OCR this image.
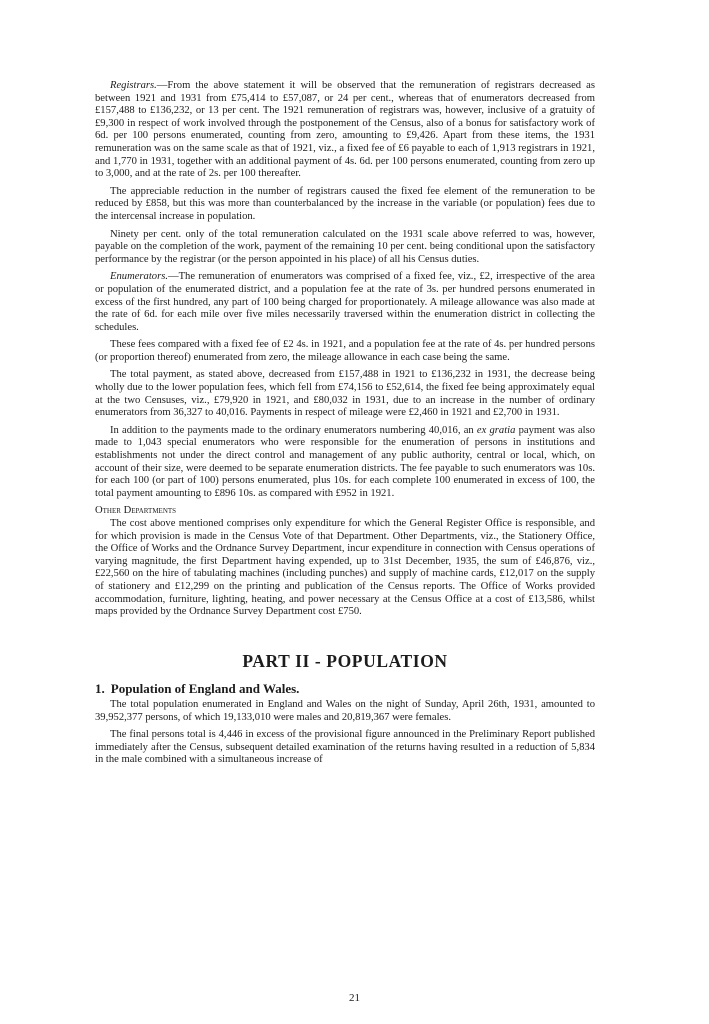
Registrars.—From the above statement it will be observed that the remuneration of registrars decreased as between 1921 and 1931 from £75,414 to £57,087, or 24 per cent., whereas that of enumerators decreased from £157,488 to £136,232, or 13 per cent. The 1921 remuneration of registrars was, however, inclusive of a gratuity of £9,300 in respect of work involved through the postponement of the Census, also of a bonus for satisfactory work of 6d. per 100 persons enumerated, counting from zero, amounting to £9,426. Apart from these items, the 1931 remuneration was on the same scale as that of 1921, viz., a fixed fee of £6 payable to each of 1,913 registrars in 1921, and 1,770 in 1931, together with an additional payment of 4s. 6d. per 100 persons enumerated, counting from zero up to 3,000, and at the rate of 2s. per 100 thereafter.

The appreciable reduction in the number of registrars caused the fixed fee element of the remuneration to be reduced by £858, but this was more than counterbalanced by the increase in the variable (or population) fees due to the intercensal increase in population.

Ninety per cent. only of the total remuneration calculated on the 1931 scale above referred to was, however, payable on the completion of the work, payment of the remaining 10 per cent. being conditional upon the satisfactory performance by the registrar (or the person appointed in his place) of all his Census duties.

Enumerators.—The remuneration of enumerators was comprised of a fixed fee, viz., £2, irrespective of the area or population of the enumerated district, and a population fee at the rate of 3s. per hundred persons enumerated in excess of the first hundred, any part of 100 being charged for proportionately. A mileage allowance was also made at the rate of 6d. for each mile over five miles necessarily traversed within the enumeration district in collecting the schedules.

These fees compared with a fixed fee of £2 4s. in 1921, and a population fee at the rate of 4s. per hundred persons (or proportion thereof) enumerated from zero, the mileage allowance in each case being the same.

The total payment, as stated above, decreased from £157,488 in 1921 to £136,232 in 1931, the decrease being wholly due to the lower population fees, which fell from £74,156 to £52,614, the fixed fee being approximately equal at the two Censuses, viz., £79,920 in 1921, and £80,032 in 1931, due to an increase in the number of ordinary enumerators from 36,327 to 40,016. Payments in respect of mileage were £2,460 in 1921 and £2,700 in 1931.

In addition to the payments made to the ordinary enumerators numbering 40,016, an ex gratia payment was also made to 1,043 special enumerators who were responsible for the enumeration of persons in institutions and establishments not under the direct control and management of any public authority, central or local, which, on account of their size, were deemed to be separate enumeration districts. The fee payable to such enumerators was 10s. for each 100 (or part of 100) persons enumerated, plus 10s. for each complete 100 enumerated in excess of 100, the total payment amounting to £896 10s. as compared with £952 in 1921.

Other Departments

The cost above mentioned comprises only expenditure for which the General Register Office is responsible, and for which provision is made in the Census Vote of that Department. Other Departments, viz., the Stationery Office, the Office of Works and the Ordnance Survey Department, incur expenditure in connection with Census operations of varying magnitude, the first Department having expended, up to 31st December, 1935, the sum of £46,876, viz., £22,560 on the hire of tabulating machines (including punches) and supply of machine cards, £12,017 on the supply of stationery and £12,299 on the printing and publication of the Census reports. The Office of Works provided accommodation, furniture, lighting, heating, and power necessary at the Census Office at a cost of £13,586, whilst maps provided by the Ordnance Survey Department cost £750.

PART II - POPULATION
1. Population of England and Wales.

The total population enumerated in England and Wales on the night of Sunday, April 26th, 1931, amounted to 39,952,377 persons, of which 19,133,010 were males and 20,819,367 were females.

The final persons total is 4,446 in excess of the provisional figure announced in the Preliminary Report published immediately after the Census, subsequent detailed examination of the returns having resulted in a reduction of 5,834 in the male combined with a simultaneous increase of

21
